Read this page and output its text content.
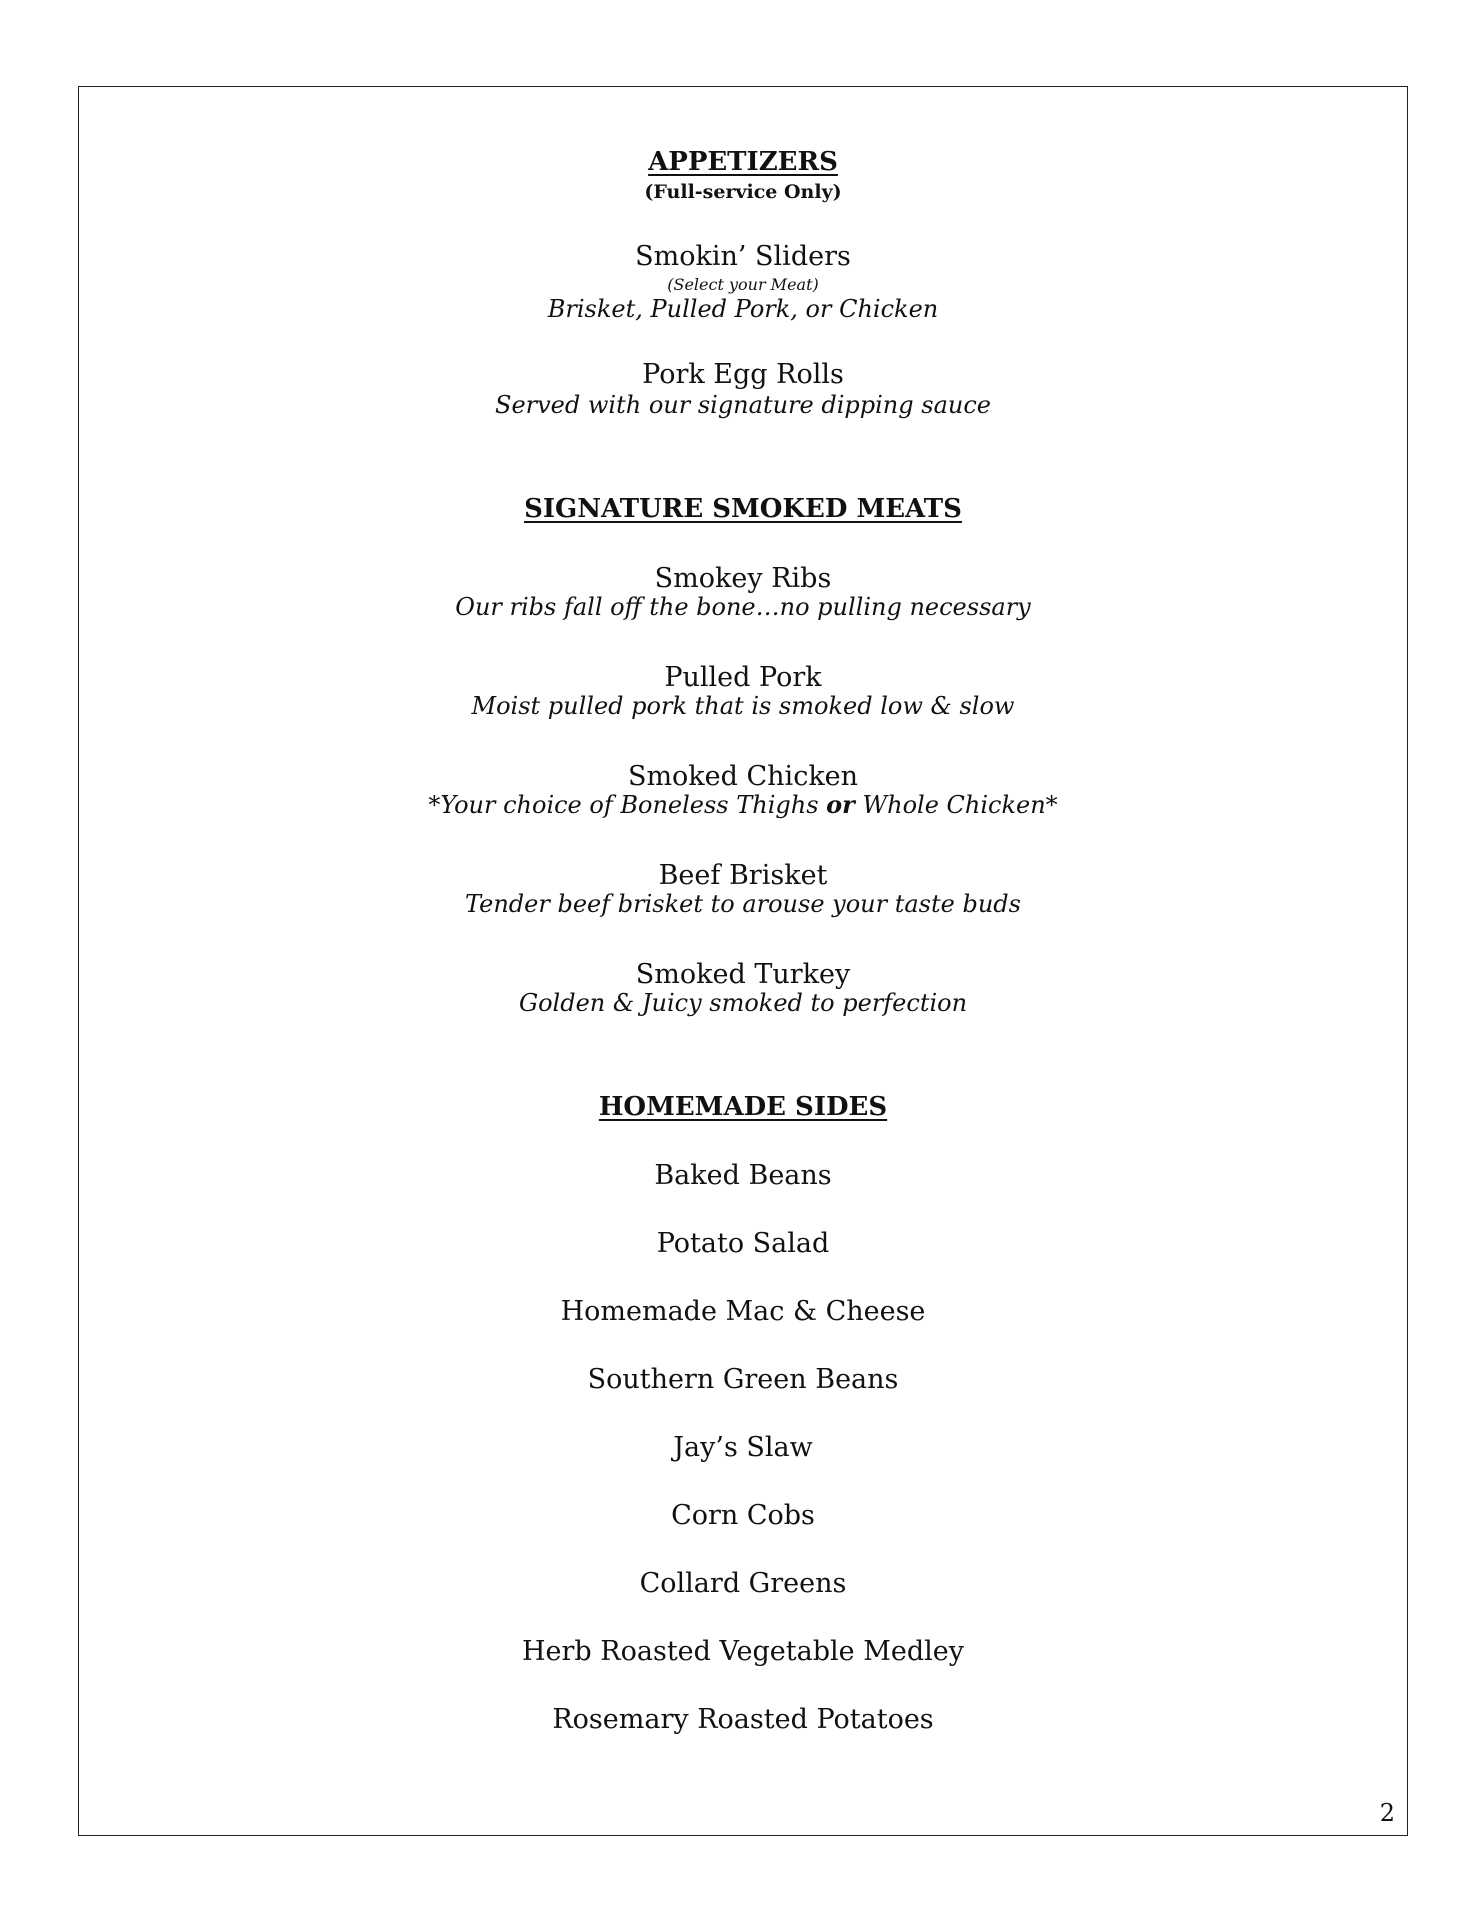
APPETIZERS
(Full-service Only)
Smokin’ Sliders
(Select your Meat)
Brisket, Pulled Pork, or Chicken
Pork Egg Rolls
Served with our signature dipping sauce
SIGNATURE SMOKED MEATS
Smokey Ribs
Our ribs fall off the bone…no pulling necessary
Pulled Pork
Moist pulled pork that is smoked low & slow
Smoked Chicken
*Your choice of Boneless Thighs or Whole Chicken*
Beef Brisket
Tender beef brisket to arouse your taste buds
Smoked Turkey
Golden & Juicy smoked to perfection
HOMEMADE SIDES
Baked Beans
Potato Salad
Homemade Mac & Cheese
Southern Green Beans
Jay’s Slaw
Corn Cobs
Collard Greens
Herb Roasted Vegetable Medley
Rosemary Roasted Potatoes
2
